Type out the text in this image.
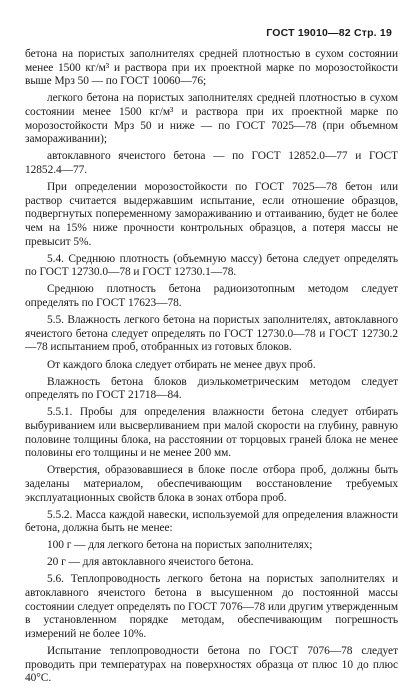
ГОСТ 19010—82 Стр. 19

бетона на пористых заполнителях средней плотностью в сухом состоянии менее 1500 кг/м³ и раствора при их проектной марке по морозостойкости выше Мрз 50 — по ГОСТ 10060—76;

легкого бетона на пористых заполнителях средней плотностью в сухом состоянии менее 1500 кг/м³ и раствора при их проектной марке по морозостойкости Мрз 50 и ниже — по ГОСТ 7025—78 (при объемном замораживании);

автоклавного ячеистого бетона — по ГОСТ 12852.0—77 и ГОСТ 12852.4—77.

При определении морозостойкости по ГОСТ 7025—78 бетон или раствор считается выдержавшим испытание, если отношение образцов, подвергнутых попеременному замораживанию и оттаиванию, будет не более чем на 15% ниже прочности контрольных образцов, а потеря массы не превысит 5%.

5.4. Среднюю плотность (объемную массу) бетона следует определять по ГОСТ 12730.0—78 и ГОСТ 12730.1—78.

Среднюю плотность бетона радиоизотопным методом следует определять по ГОСТ 17623—78.

5.5. Влажность легкого бетона на пористых заполнителях, автоклавного ячеистого бетона следует определять по ГОСТ 12730.0—78 и ГОСТ 12730.2—78 испытанием проб, отобранных из готовых блоков.

От каждого блока следует отбирать не менее двух проб.

Влажность бетона блоков диэлькометрическим методом следует определять по ГОСТ 21718—84.

5.5.1. Пробы для определения влажности бетона следует отбирать выбуриванием или высверливанием при малой скорости на глубину, равную половине толщины блока, на расстоянии от торцовых граней блока не менее половины его толщины и не менее 200 мм.

Отверстия, образовавшиеся в блоке после отбора проб, должны быть заделаны материалом, обеспечивающим восстановление требуемых эксплуатационных свойств блока в зонах отбора проб.

5.5.2. Масса каждой навески, используемой для определения влажности бетона, должна быть не менее:

100 г — для легкого бетона на пористых заполнителях;

20 г — для автоклавного ячеистого бетона.

5.6. Теплопроводность легкого бетона на пористых заполнителях и автоклавного ячеистого бетона в высушенном до постоянной массы состоянии следует определять по ГОСТ 7076—78 или другим утвержденным в установленном порядке методам, обеспечивающим погрешность измерений не более 10%.

Испытание теплопроводности бетона по ГОСТ 7076—78 следует проводить при температурах на поверхностях образца от плюс 10 до плюс 40°С.
